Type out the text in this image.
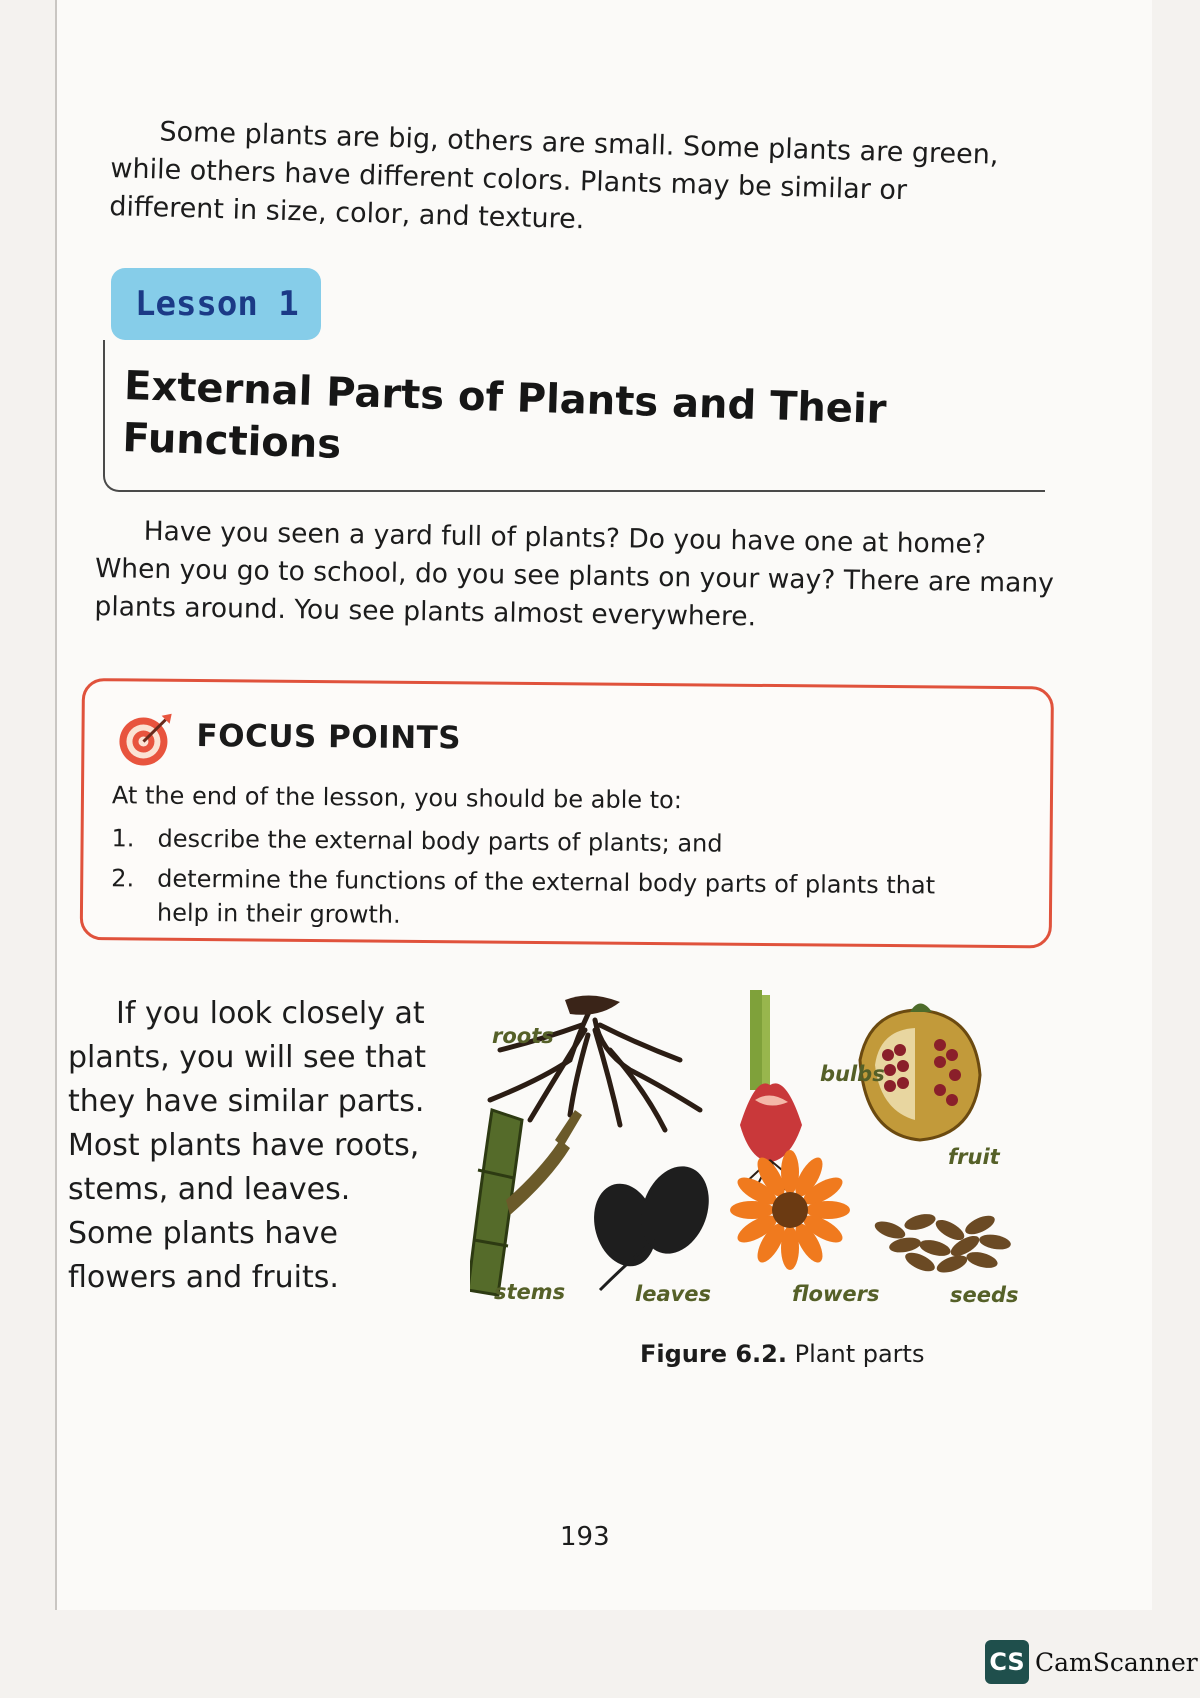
Some plants are big, others are small. Some plants are green, while others have different colors. Plants may be similar or different in size, color, and texture.

Lesson 1
External Parts of Plants and Their Functions

Have you seen a yard full of plants? Do you have one at home? When you go to school, do you see plants on your way? There are many plants around. You see plants almost everywhere.

FOCUS POINTS
At the end of the lesson, you should be able to:
1. describe the external body parts of plants; and
2. determine the functions of the external body parts of plants that help in their growth.

If you look closely at plants, you will see that they have similar parts. Most plants have roots, stems, and leaves. Some plants have flowers and fruits.

roots
bulbs
fruit
stems	leaves	flowers	seeds
Figure 6.2. Plant parts
193
CS CamScanner
